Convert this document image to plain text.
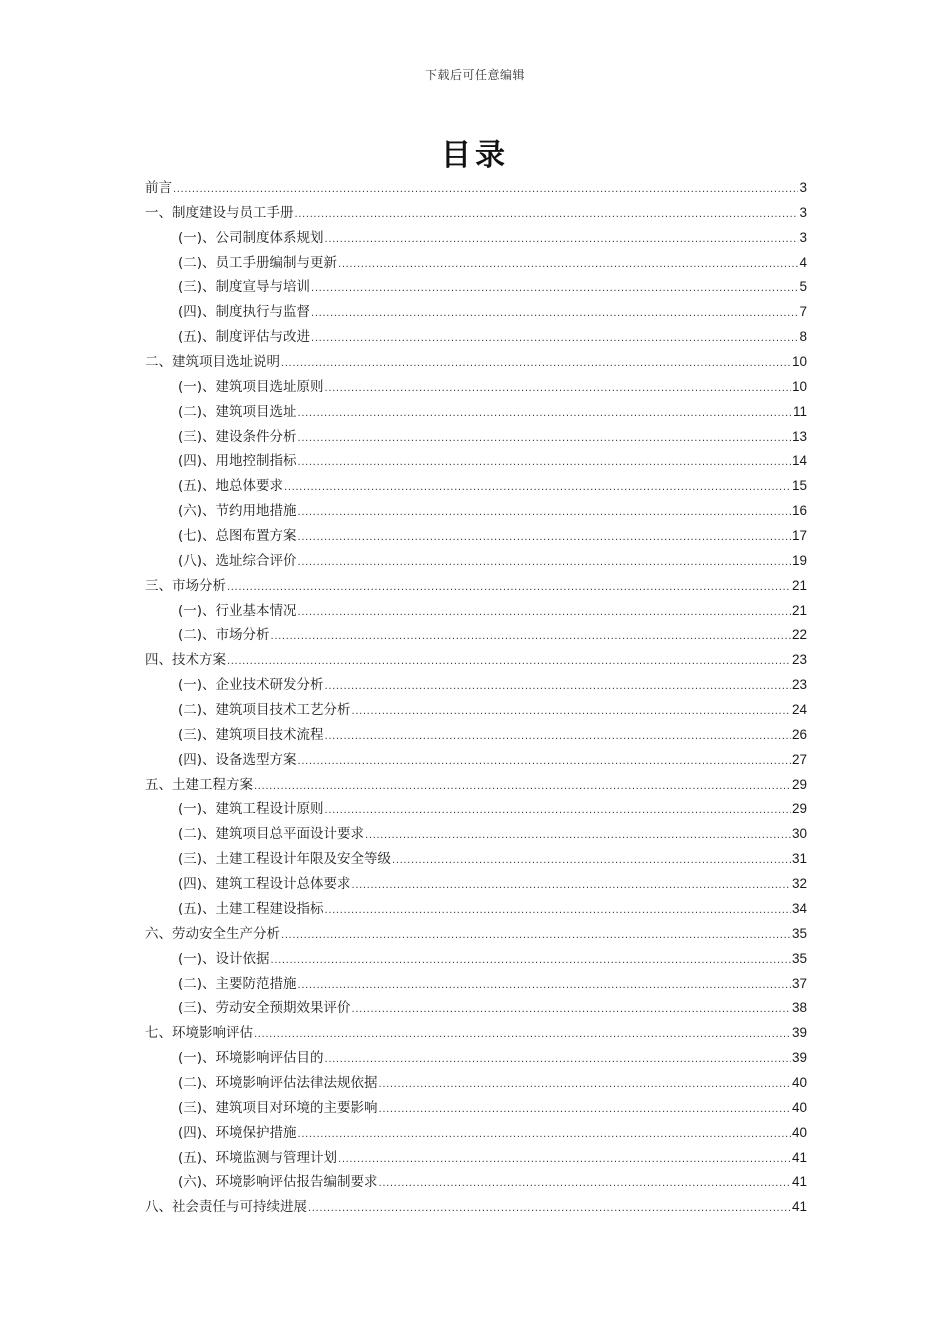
下载后可任意编辑
目录
前言 .....	3
一、制度建设与员工手册 .....	3
(一)、公司制度体系规划 .....	3
(二)、员工手册编制与更新 .....	4
(三)、制度宣导与培训 .....	5
(四)、制度执行与监督 .....	7
(五)、制度评估与改进 .....	8
二、建筑项目选址说明 .....	10
(一)、建筑项目选址原则 .....	10
(二)、建筑项目选址 .....	11
(三)、建设条件分析 .....	13
(四)、用地控制指标 .....	14
(五)、地总体要求 .....	15
(六)、节约用地措施 .....	16
(七)、总图布置方案 .....	17
(八)、选址综合评价 .....	19
三、市场分析 .....	21
(一)、行业基本情况 .....	21
(二)、市场分析 .....	22
四、技术方案 .....	23
(一)、企业技术研发分析 .....	23
(二)、建筑项目技术工艺分析 .....	24
(三)、建筑项目技术流程 .....	26
(四)、设备选型方案 .....	27
五、土建工程方案 .....	29
(一)、建筑工程设计原则 .....	29
(二)、建筑项目总平面设计要求 .....	30
(三)、土建工程设计年限及安全等级 .....	31
(四)、建筑工程设计总体要求 .....	32
(五)、土建工程建设指标 .....	34
六、劳动安全生产分析 .....	35
(一)、设计依据 .....	35
(二)、主要防范措施 .....	37
(三)、劳动安全预期效果评价 .....	38
七、环境影响评估 .....	39
(一)、环境影响评估目的 .....	39
(二)、环境影响评估法律法规依据 .....	40
(三)、建筑项目对环境的主要影响 .....	40
(四)、环境保护措施 .....	40
(五)、环境监测与管理计划 .....	41
(六)、环境影响评估报告编制要求 .....	41
八、社会责任与可持续进展 .....	41
